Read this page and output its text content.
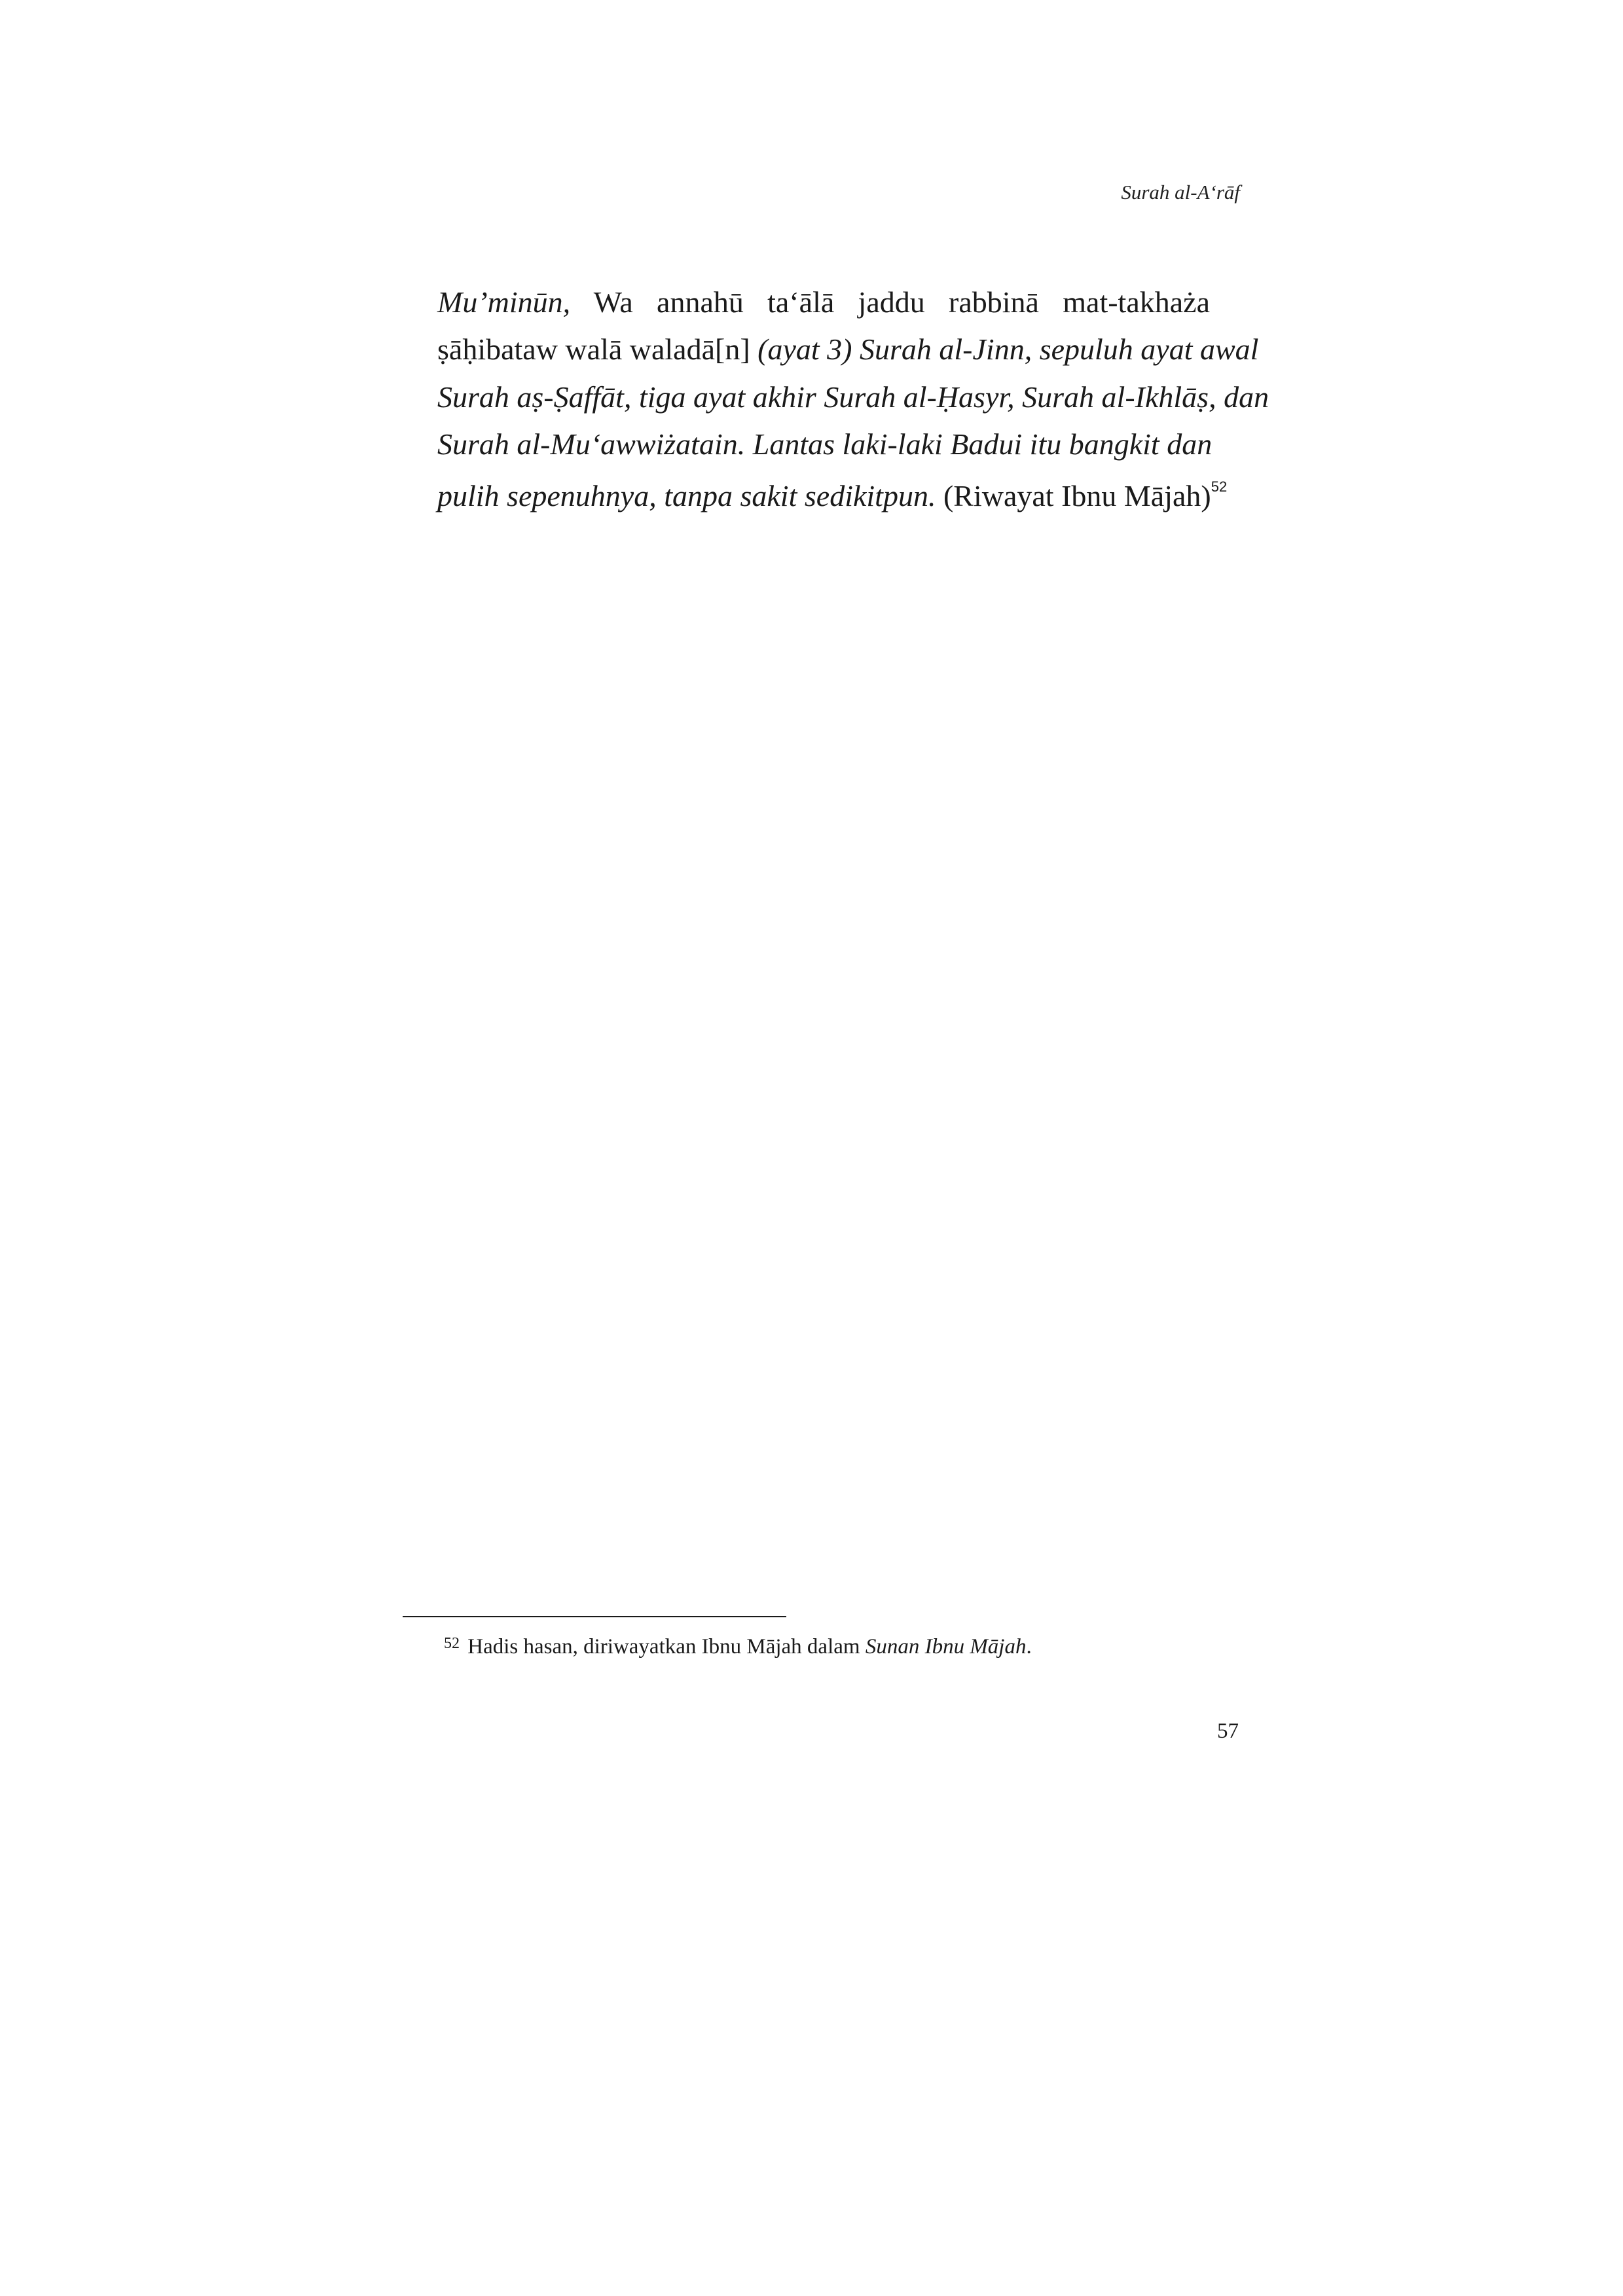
Surah al-A‘rāf
Mu’minūn, Wa annahū ta‘ālā jaddu rabbinā mat-takhaża
ṣāḥibataw walā waladā[n] (ayat 3) Surah al-Jinn, sepuluh ayat awal
Surah aṣ-Ṣaffāt, tiga ayat akhir Surah al-Ḥasyr, Surah al-Ikhlāṣ, dan
Surah al-Mu‘awwiżatain. Lantas laki-laki Badui itu bangkit dan
pulih sepenuhnya, tanpa sakit sedikitpun. (Riwayat Ibnu Mājah)$^{52}$
$^{52}$ Hadis hasan, diriwayatkan Ibnu Mājah dalam Sunan Ibnu Mājah.
57
